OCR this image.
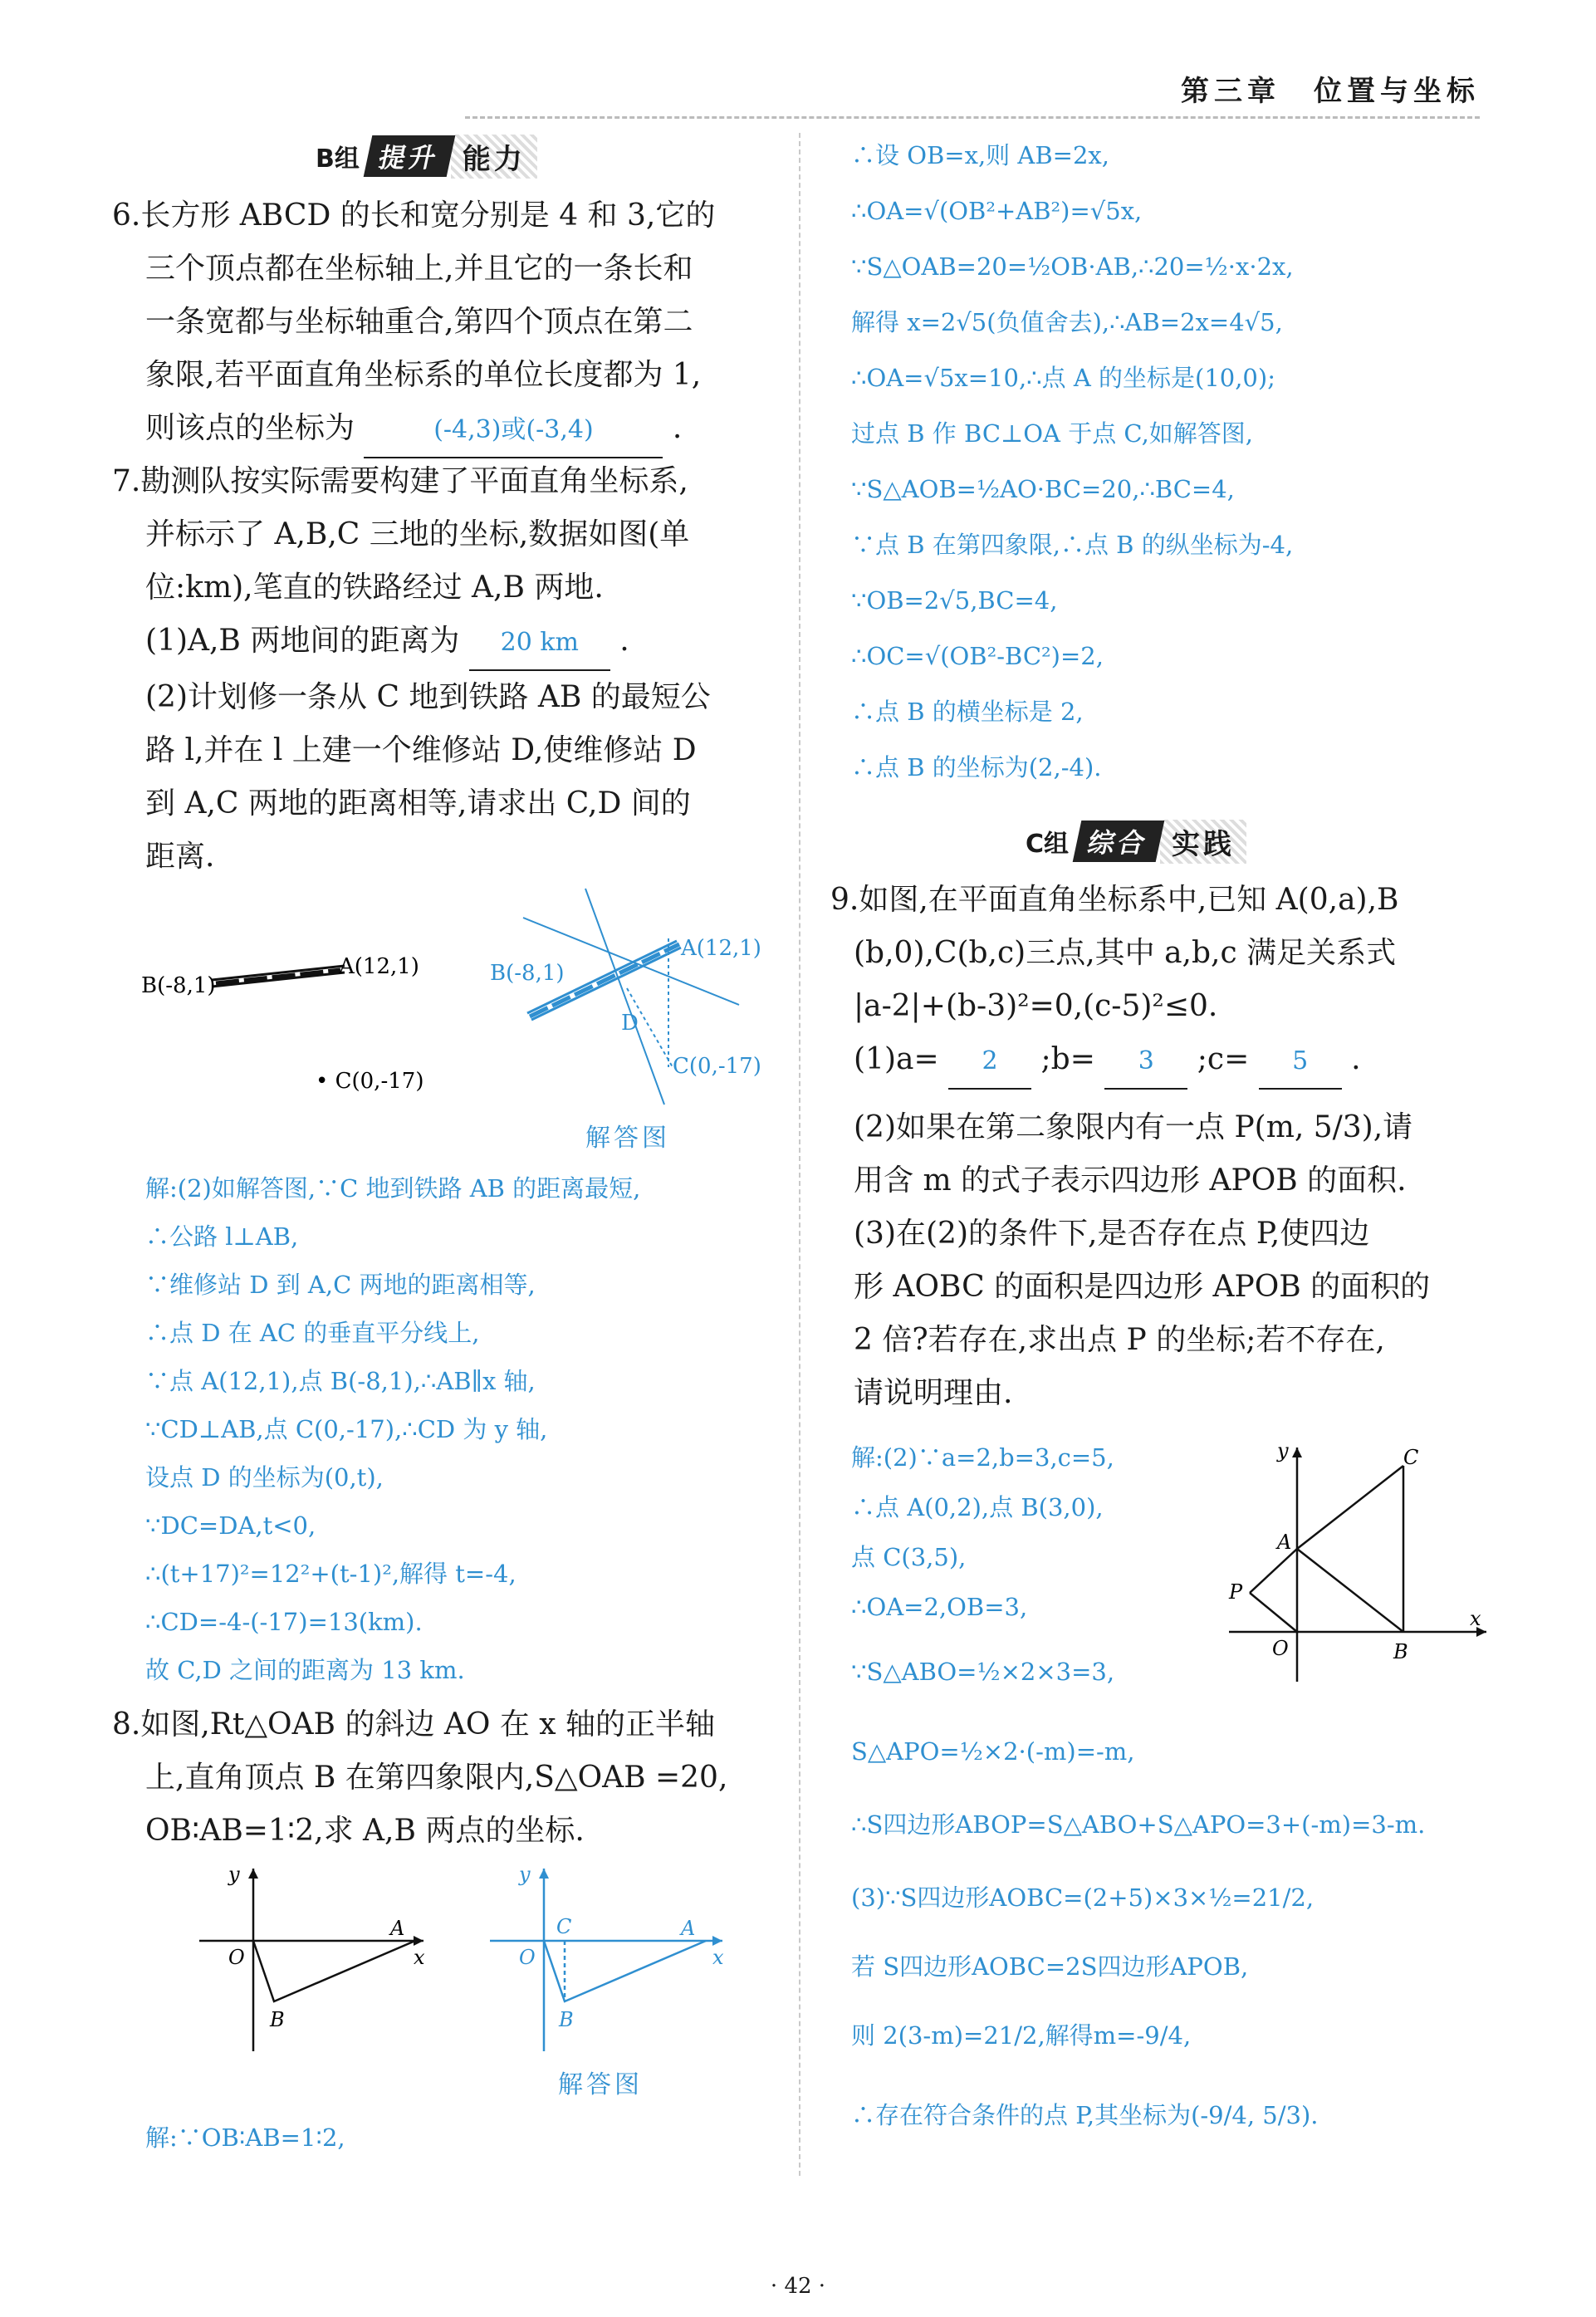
第三章　位置与坐标
B组 提升 能力
6.长方形 ABCD 的长和宽分别是 4 和 3,它的
三个顶点都在坐标轴上,并且它的一条长和
一条宽都与坐标轴重合,第四个顶点在第二
象限,若平面直角坐标系的单位长度都为 1,
则该点的坐标为	(-4,3)或(-3,4)	.
7.勘测队按实际需要构建了平面直角坐标系,
并标示了 A,B,C 三地的坐标,数据如图(单
位:km),笔直的铁路经过 A,B 两地.
(1)A,B 两地间的距离为 20 km .
(2)计划修一条从 C 地到铁路 AB 的最短公
路 l,并在 l 上建一个维修站 D,使维修站 D
到 A,C 两地的距离相等,请求出 C,D 间的
距离.
B(-8,1)
A(12,1)
• C(0,-17)
B(-8,1)
A(12,1)
C(0,-17)
D
解答图
解:(2)如解答图,∵C 地到铁路 AB 的距离最短,
∴公路 l⊥AB,
∵维修站 D 到 A,C 两地的距离相等,
∴点 D 在 AC 的垂直平分线上,
∵点 A(12,1),点 B(-8,1),∴AB∥x 轴,
∵CD⊥AB,点 C(0,-17),∴CD 为 y 轴,
设点 D 的坐标为(0,t),
∵DC=DA,t<0,
∴(t+17)²=12²+(t-1)²,解得 t=-4,
∴CD=-4-(-17)=13(km).
故 C,D 之间的距离为 13 km.
8.如图,Rt△OAB 的斜边 AO 在 x 轴的正半轴
上,直角顶点 B 在第四象限内,S△OAB =20,
OB∶AB=1∶2,求 A,B 两点的坐标.
y
x
O
A
B
y
x
O
C	A
B
解答图
解:∵OB∶AB=1∶2,
∴设 OB=x,则 AB=2x,
∴OA=√(OB²+AB²)=√5x,
∵S△OAB=20=½OB·AB,∴20=½·x·2x,
解得 x=2√5(负值舍去),∴AB=2x=4√5,
∴OA=√5x=10,∴点 A 的坐标是(10,0);
过点 B 作 BC⊥OA 于点 C,如解答图,
∵S△AOB=½AO·BC=20,∴BC=4,
∵点 B 在第四象限,∴点 B 的纵坐标为-4,
∵OB=2√5,BC=4,
∴OC=√(OB²-BC²)=2,
∴点 B 的横坐标是 2,
∴点 B 的坐标为(2,-4).
C组 综合 实践
9.如图,在平面直角坐标系中,已知 A(0,a),B
(b,0),C(b,c)三点,其中 a,b,c 满足关系式
|a-2|+(b-3)²=0,(c-5)²≤0.
(1)a= 2 ;b= 3 ;c= 5 .
(2)如果在第二象限内有一点 P(m, 5/3),请
用含 m 的式子表示四边形 APOB 的面积.
(3)在(2)的条件下,是否存在点 P,使四边
形 AOBC 的面积是四边形 APOB 的面积的
2 倍?若存在,求出点 P 的坐标;若不存在,
请说明理由.
y
x
O
A
B
C
P
解:(2)∵a=2,b=3,c=5,
∴点 A(0,2),点 B(3,0),
点 C(3,5),
∴OA=2,OB=3,
∵S△ABO=½×2×3=3,
S△APO=½×2·(-m)=-m,
∴S四边形ABOP=S△ABO+S△APO=3+(-m)=3-m.
(3)∵S四边形AOBC=(2+5)×3×½=21/2,
若 S四边形AOBC=2S四边形APOB,
则 2(3-m)=21/2,解得m=-9/4,
∴存在符合条件的点 P,其坐标为(-9/4, 5/3).
· 42 ·
